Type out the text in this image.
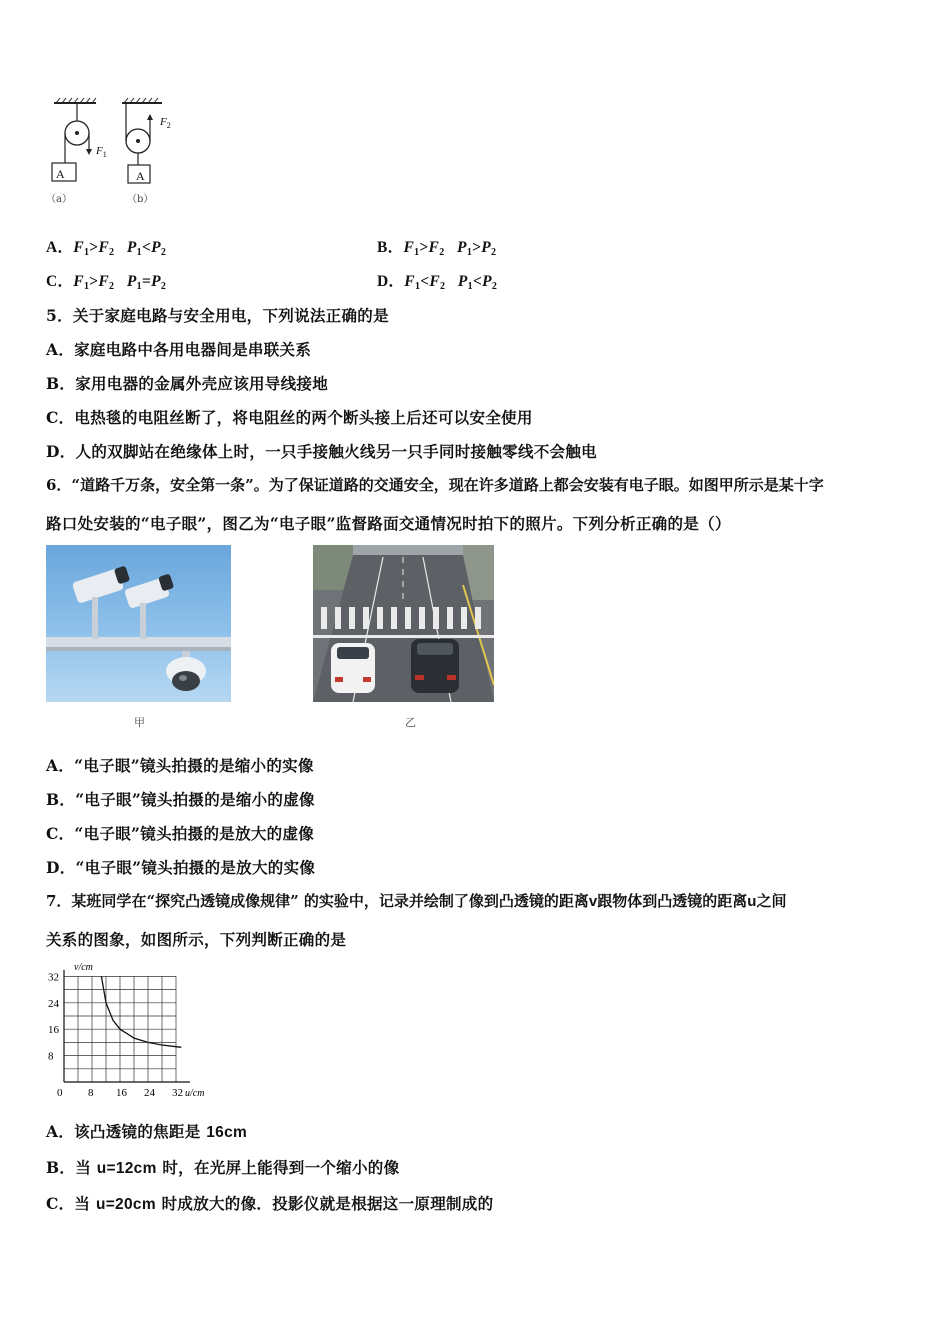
A	A
$F_1$
$F_2$
（a）	（b）
A．$F_1>F_2$ $P_1<P_2$	B．$F_1>F_2$ $P_1>P_2$
C．$F_1>F_2$ $P_1=P_2$	D．$F_1<F_2$ $P_1<P_2$
5．关于家庭电路与安全用电，下列说法正确的是
A．家庭电路中各用电器间是串联关系
B．家用电器的金属外壳应该用导线接地
C．电热毯的电阻丝断了，将电阻丝的两个断头接上后还可以安全使用
D．人的双脚站在绝缘体上时，一只手接触火线另一只手同时接触零线不会触电
6．“道路千万条，安全第一条”。为了保证道路的交通安全，现在许多道路上都会安装有电子眼。如图甲所示是某十字
路口处安装的“电子眼”，图乙为“电子眼”监督路面交通情况时拍下的照片。下列分析正确的是（）
甲	乙
A．“电子眼”镜头拍摄的是缩小的实像
B．“电子眼”镜头拍摄的是缩小的虚像
C．“电子眼”镜头拍摄的是放大的虚像
D．“电子眼”镜头拍摄的是放大的实像
7．某班同学在“探究凸透镜成像规律” 的实验中，记录并绘制了像到凸透镜的距离v跟物体到凸透镜的距离u之间
关系的图象，如图所示，下列判断正确的是
0 8 16 24 32
8
16
24
32
v/cm
u/cm
A．该凸透镜的焦距是 16cm
B．当 u=12cm 时，在光屏上能得到一个缩小的像
C．当 u=20cm 时成放大的像．投影仪就是根据这一原理制成的
